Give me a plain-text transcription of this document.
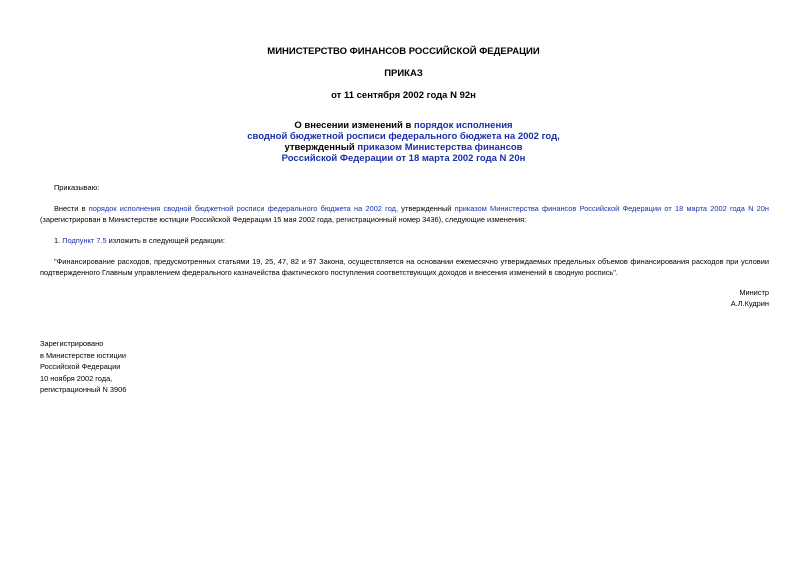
МИНИСТЕРСТВО ФИНАНСОВ РОССИЙСКОЙ ФЕДЕРАЦИИ
ПРИКАЗ
от 11 сентября 2002 года N 92н
О внесении изменений в порядок исполнения
сводной бюджетной росписи федерального бюджета на 2002 год,
утвержденный приказом Министерства финансов
Российской Федерации от 18 марта 2002 года N 20н
Приказываю:
Внести в порядок исполнения сводной бюджетной росписи федерального бюджета на 2002 год, утвержденный приказом Министерства финансов Российской Федерации от 18 марта 2002 года N 20н (зарегистрирован в Министерстве юстиции Российской Федерации 15 мая 2002 года, регистрационный номер 3436), следующие изменения:
1. Подпункт 7.5 изложить в следующей редакции:
"Финансирование расходов, предусмотренных статьями 19, 25, 47, 82 и 97 Закона, осуществляется на основании ежемесячно утверждаемых предельных объемов финансирования расходов при условии подтвержденного Главным управлением федерального казначейства фактического поступления соответствующих доходов и внесения изменений в сводную роспись".
Министр
А.Л.Кудрин
Зарегистрировано
в Министерстве юстиции
Российской Федерации
10 ноября 2002 года,
регистрационный N 3906
